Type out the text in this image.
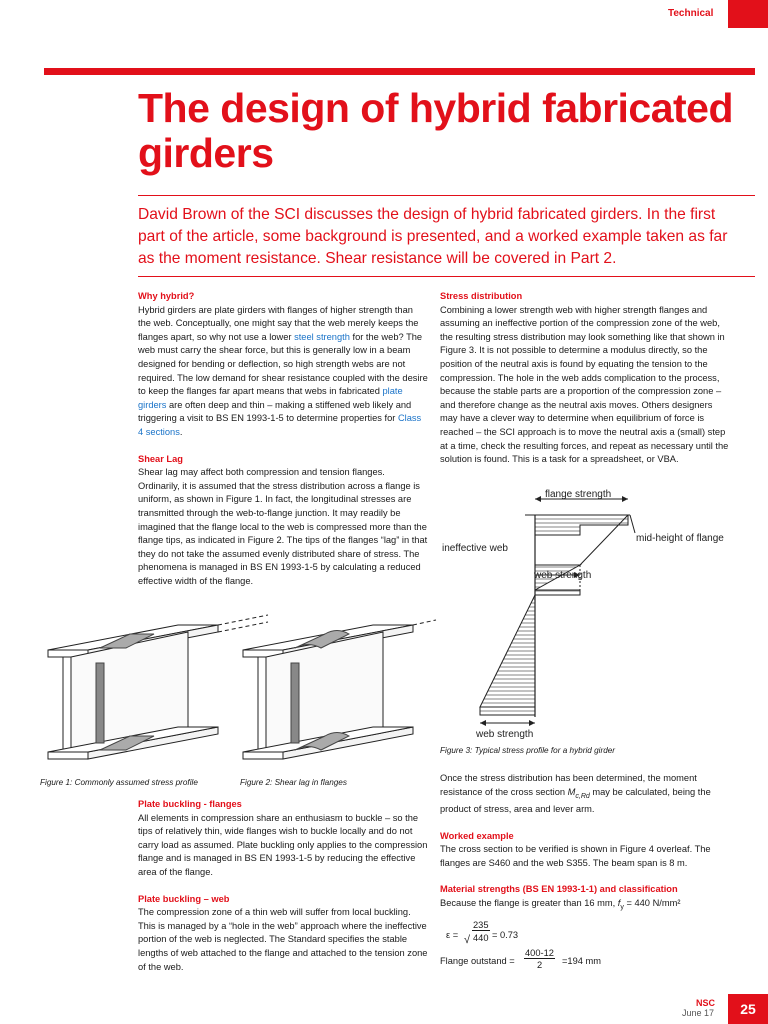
Technical
The design of hybrid fabricated girders

David Brown of the SCI discusses the design of hybrid fabricated girders. In the first part of the article, some background is presented, and a worked example taken as far as the moment resistance. Shear resistance will be covered in Part 2.

Why hybrid?

Hybrid girders are plate girders with flanges of higher strength than the web. Conceptually, one might say that the web merely keeps the flanges apart, so why not use a lower steel strength for the web? The web must carry the shear force, but this is generally low in a beam designed for bending or deflection, so high strength webs are not required. The low demand for shear resistance coupled with the desire to keep the flanges far apart means that webs in fabricated plate girders are often deep and thin – making a stiffened web likely and triggering a visit to BS EN 1993-1-5 to determine properties for Class 4 sections.

Shear Lag

Shear lag may affect both compression and tension flanges. Ordinarily, it is assumed that the stress distribution across a flange is uniform, as shown in Figure 1. In fact, the longitudinal stresses are transmitted through the web-to-flange junction. It may readily be imagined that the flange local to the web is compressed more than the flange tips, as indicated in Figure 2. The tips of the flanges “lag” in that they do not take the assumed evenly distributed share of stress. The phenomena is managed in BS EN 1993-1-5 by calculating a reduced effective width of the flange.

Figure 1: Commonly assumed stress profile	Figure 2: Shear lag in flanges
Plate buckling - flanges

All elements in compression share an enthusiasm to buckle – so the tips of relatively thin, wide flanges wish to buckle locally and do not carry load as assumed. Plate buckling only applies to the compression flange and is managed in BS EN 1993-1-5 by reducing the effective area of the flange.

Plate buckling – web

The compression zone of a thin web will suffer from local buckling. This is managed by a “hole in the web” approach where the ineffective portion of the web is neglected. The Standard specifies the stable lengths of web attached to the flange and attached to the tension zone of the web.

Stress distribution

Combining a lower strength web with higher strength flanges and assuming an ineffective portion of the compression zone of the web, the resulting stress distribution may look something like that shown in Figure 3. It is not possible to determine a modulus directly, so the position of the neutral axis is found by equating the tension to the compression. The hole in the web adds complication to the process, because the stable parts are a proportion of the compression zone – and therefore change as the neutral axis moves. Others designers may have a clever way to determine when equilibrium of force is reached – the SCI approach is to move the neutral axis a (small) step at a time, check the resulting forces, and repeat as necessary until the solution is found. This is a task for a spreadsheet, or VBA.

flange strength
mid-height of flange
ineffective web
web strength
web strength
Figure 3: Typical stress profile for a hybrid girder

Once the stress distribution has been determined, the moment resistance of the cross section $M_{c,Rd}$ may be calculated, being the product of stress, area and lever arm.

Worked example

The cross section to be verified is shown in Figure 4 overleaf. The flanges are S460 and the web S355. The beam span is 8 m.

Material strengths (BS EN 1993-1-1) and classification

Because the flange is greater than 16 mm, $f_y = 440$ N/mm²

ε = √
235
440 = 0.73
Flange outstand =
400-12
2 =194 mm
NSC
June 17	25
